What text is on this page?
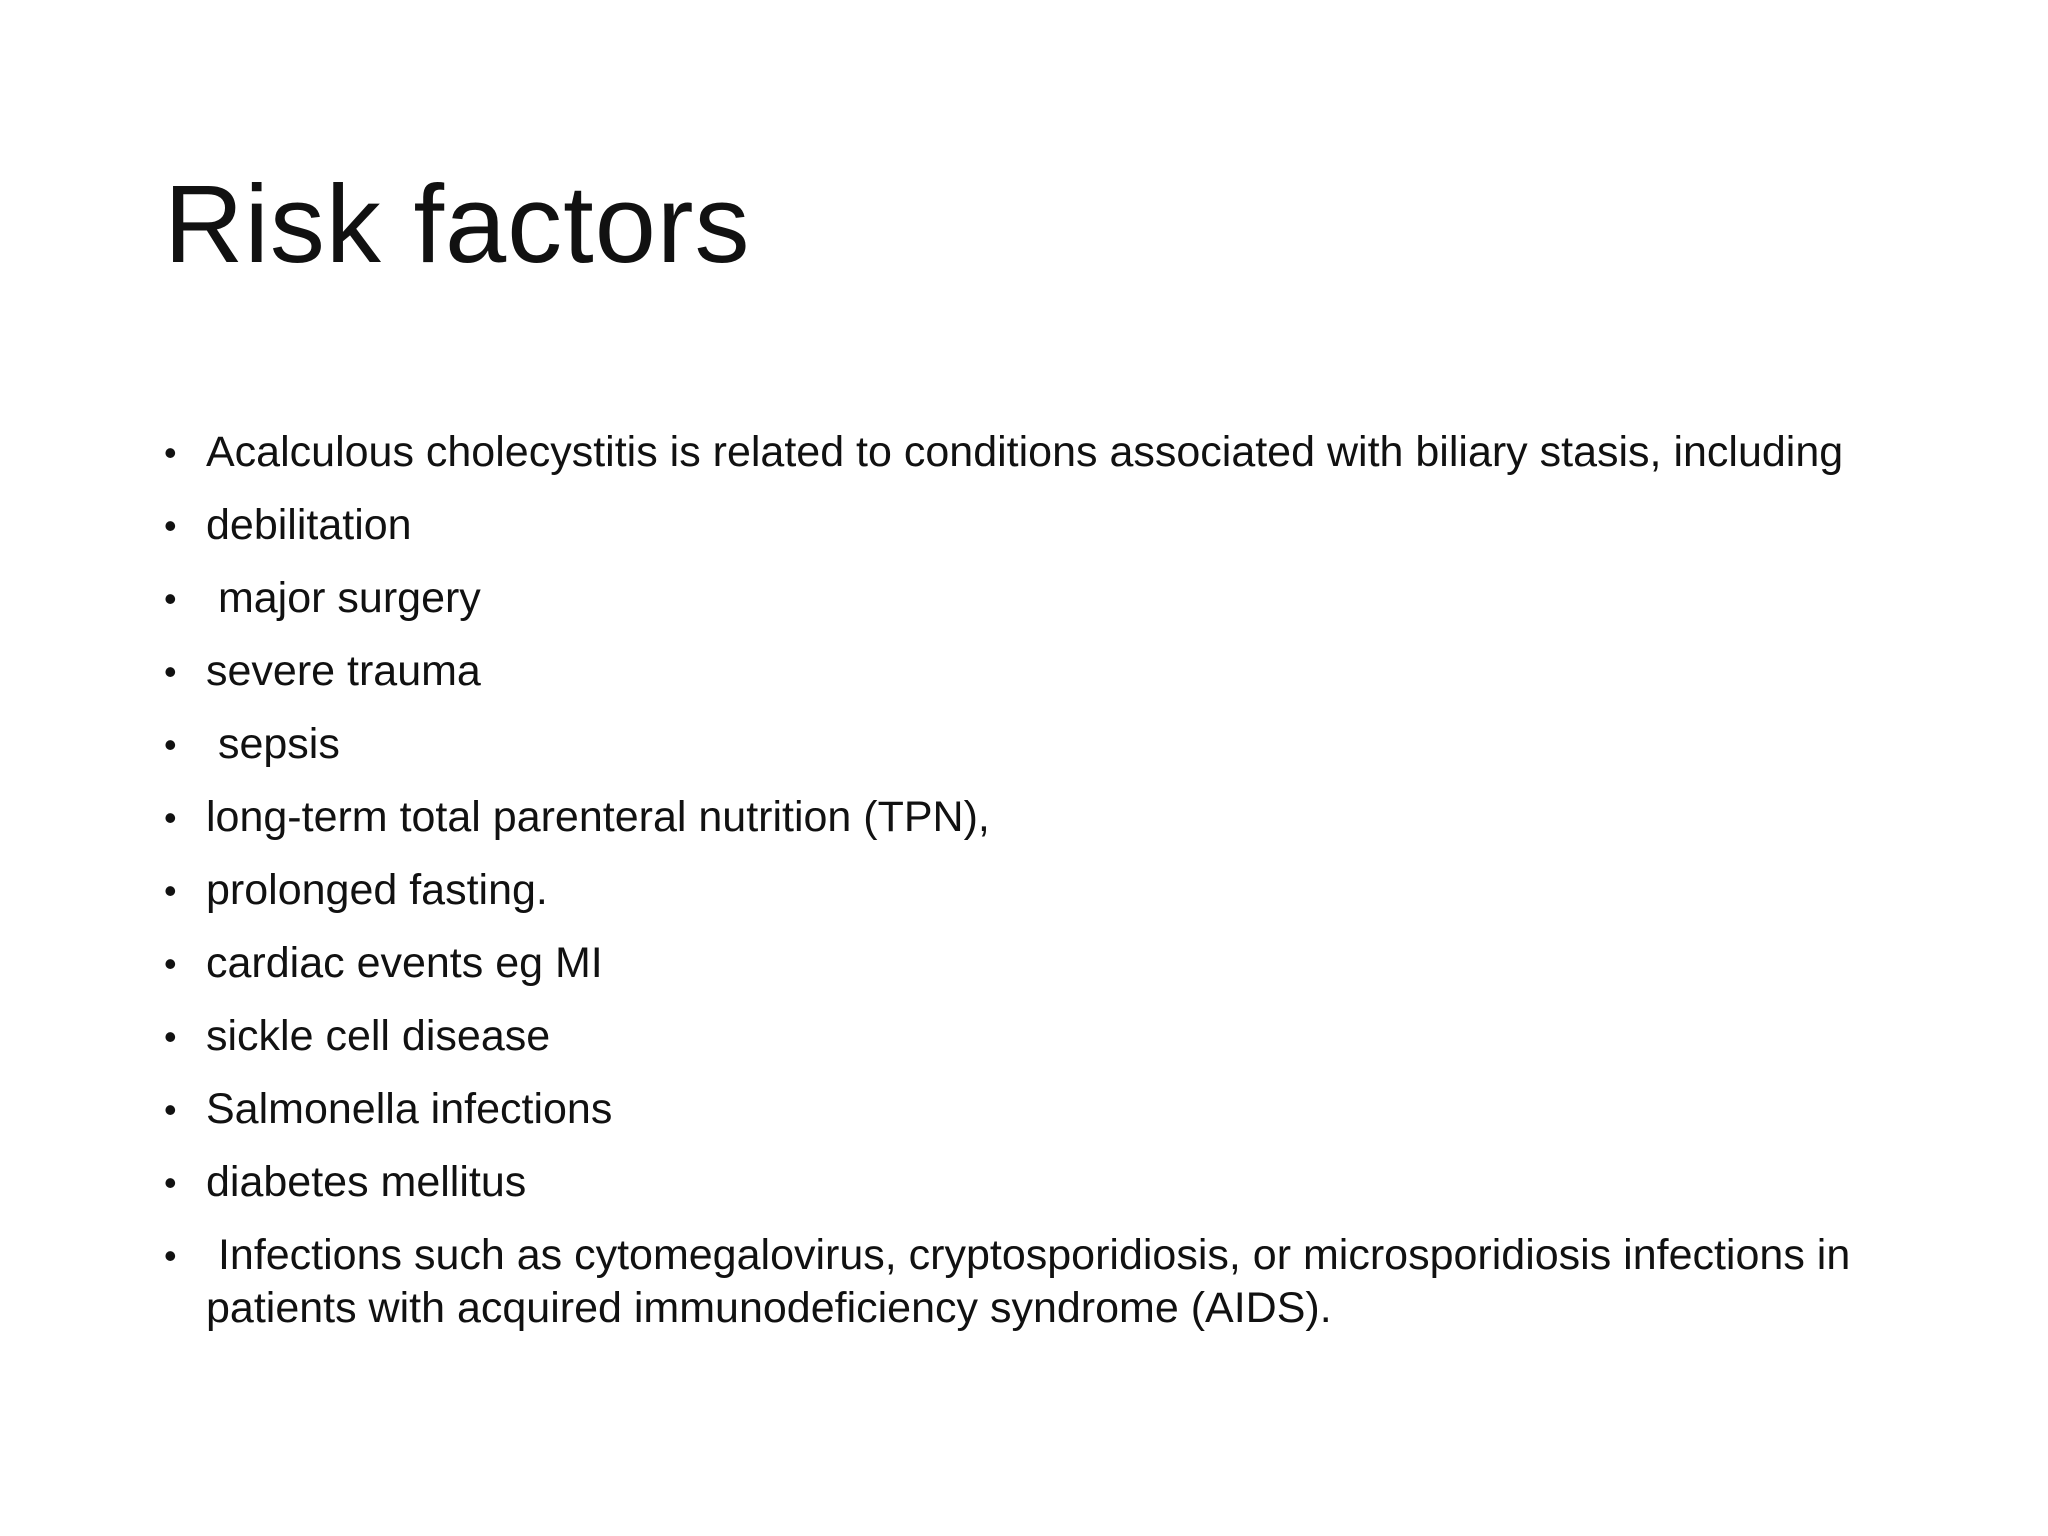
Risk factors
• Acalculous cholecystitis is related to conditions associated with biliary stasis, including
• debilitation
• major surgery
• severe trauma
• sepsis
• long-term total parenteral nutrition (TPN),
• prolonged fasting.
• cardiac events eg MI
• sickle cell disease
• Salmonella infections
• diabetes mellitus
• Infections such as cytomegalovirus, cryptosporidiosis, or microsporidiosis infections in patients with acquired immunodeficiency syndrome (AIDS).
